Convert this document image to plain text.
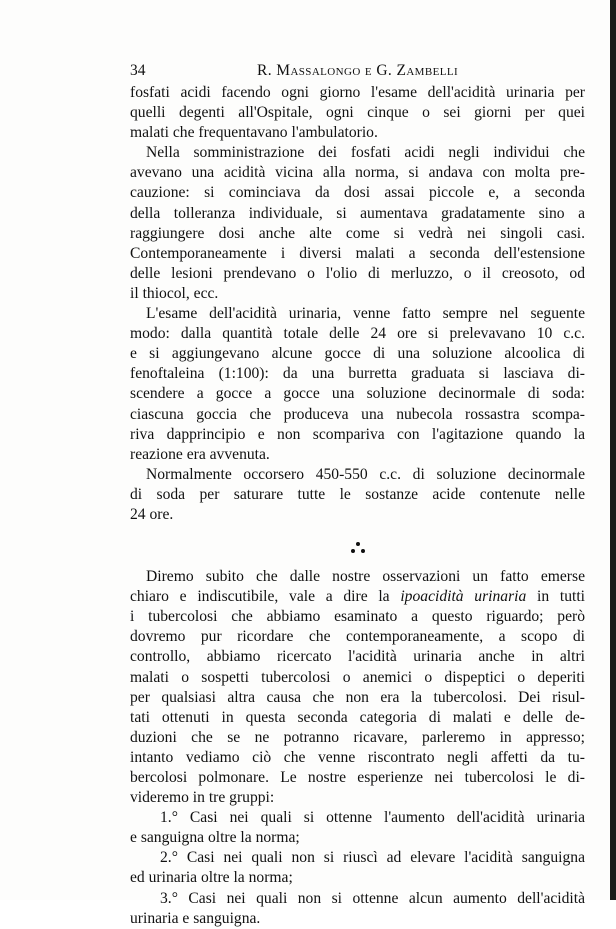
34	R. Massalongo e G. Zambelli
fosfati acidi facendo ogni giorno l'esame dell'acidità urinaria per
quelli degenti all'Ospitale, ogni cinque o sei giorni per quei
malati che frequentavano l'ambulatorio.
Nella somministrazione dei fosfati acidi negli individui che
avevano una acidità vicina alla norma, si andava con molta pre-
cauzione: si cominciava da dosi assai piccole e, a seconda
della tolleranza individuale, si aumentava gradatamente sino a
raggiungere dosi anche alte come si vedrà nei singoli casi.
Contemporaneamente i diversi malati a seconda dell'estensione
delle lesioni prendevano o l'olio di merluzzo, o il creosoto, od
il thiocol, ecc.
L'esame dell'acidità urinaria, venne fatto sempre nel seguente
modo: dalla quantità totale delle 24 ore si prelevavano 10 c.c.
e si aggiungevano alcune gocce di una soluzione alcoolica di
fenoftaleina (1:100): da una burretta graduata si lasciava di-
scendere a gocce a gocce una soluzione decinormale di soda:
ciascuna goccia che produceva una nubecola rossastra scompa-
riva dapprincipio e non scompariva con l'agitazione quando la
reazione era avvenuta.
Normalmente occorsero 450-550 c.c. di soluzione decinormale
di soda per saturare tutte le sostanze acide contenute nelle
24 ore.
Diremo subito che dalle nostre osservazioni un fatto emerse
chiaro e indiscutibile, vale a dire la ipoacidità urinaria in tutti
i tubercolosi che abbiamo esaminato a questo riguardo; però
dovremo pur ricordare che contemporaneamente, a scopo di
controllo, abbiamo ricercato l'acidità urinaria anche in altri
malati o sospetti tubercolosi o anemici o dispeptici o deperiti
per qualsiasi altra causa che non era la tubercolosi. Dei risul-
tati ottenuti in questa seconda categoria di malati e delle de-
duzioni che se ne potranno ricavare, parleremo in appresso;
intanto vediamo ciò che venne riscontrato negli affetti da tu-
bercolosi polmonare. Le nostre esperienze nei tubercolosi le di-
videremo in tre gruppi:
1.° Casi nei quali si ottenne l'aumento dell'acidità urinaria
e sanguigna oltre la norma;
2.° Casi nei quali non si riuscì ad elevare l'acidità sanguigna
ed urinaria oltre la norma;
3.° Casi nei quali non si ottenne alcun aumento dell'acidità
urinaria e sanguigna.
